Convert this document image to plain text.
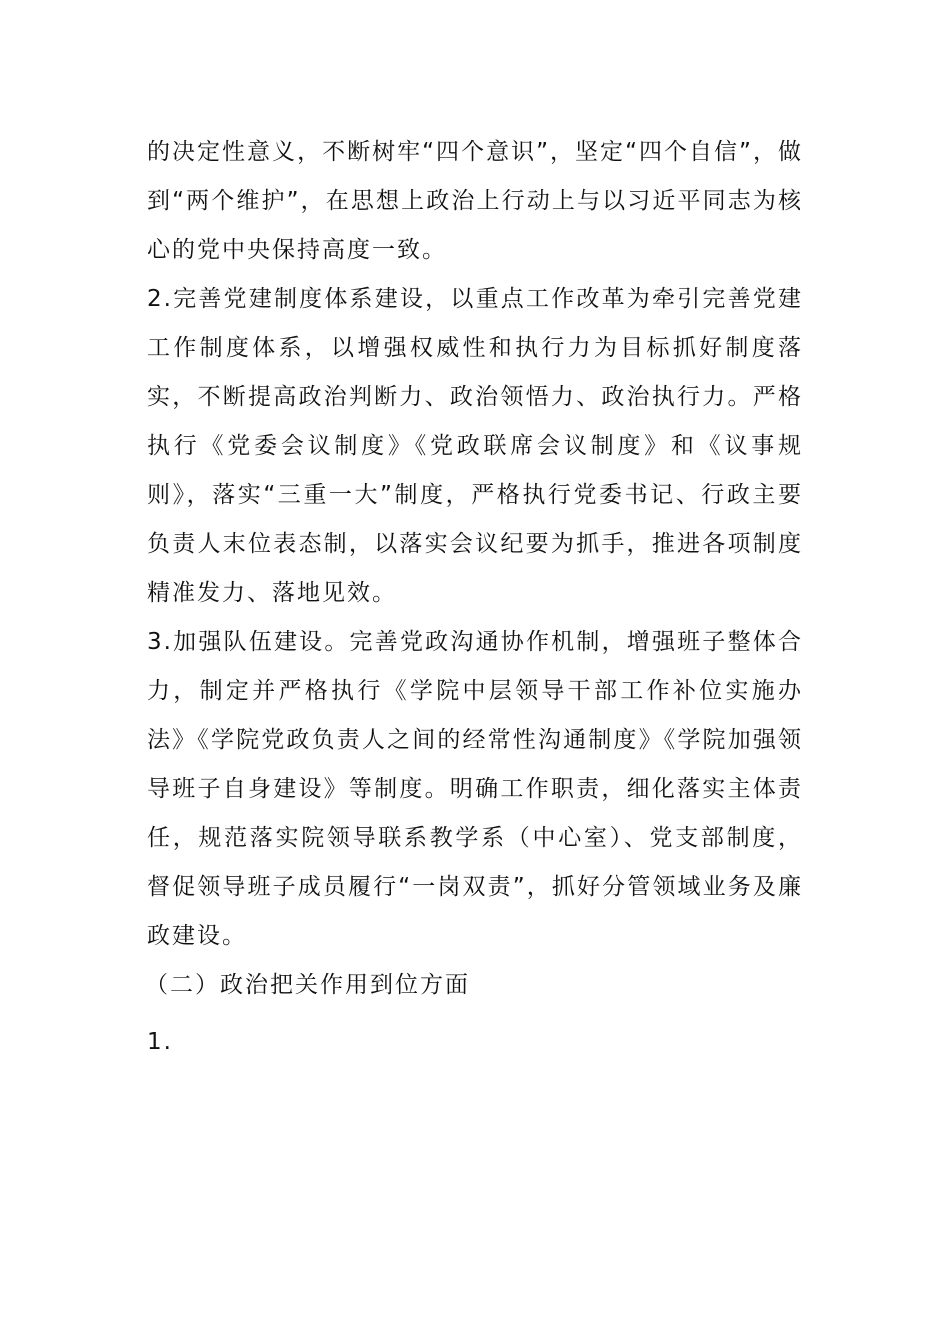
的决定性意义，不断树牢“四个意识”，坚定“四个自信”，做到“两个维护”，在思想上政治上行动上与以习近平同志为核心的党中央保持高度一致。

2.完善党建制度体系建设，以重点工作改革为牵引完善党建工作制度体系，以增强权威性和执行力为目标抓好制度落实，不断提高政治判断力、政治领悟力、政治执行力。严格执行《党委会议制度》《党政联席会议制度》和《议事规则》，落实“三重一大”制度，严格执行党委书记、行政主要负责人末位表态制，以落实会议纪要为抓手，推进各项制度精准发力、落地见效。

3.加强队伍建设。完善党政沟通协作机制，增强班子整体合力，制定并严格执行《学院中层领导干部工作补位实施办法》《学院党政负责人之间的经常性沟通制度》《学院加强领导班子自身建设》等制度。明确工作职责，细化落实主体责任，规范落实院领导联系教学系（中心室）、党支部制度，督促领导班子成员履行“一岗双责”，抓好分管领域业务及廉政建设。

（二）政治把关作用到位方面

1.
